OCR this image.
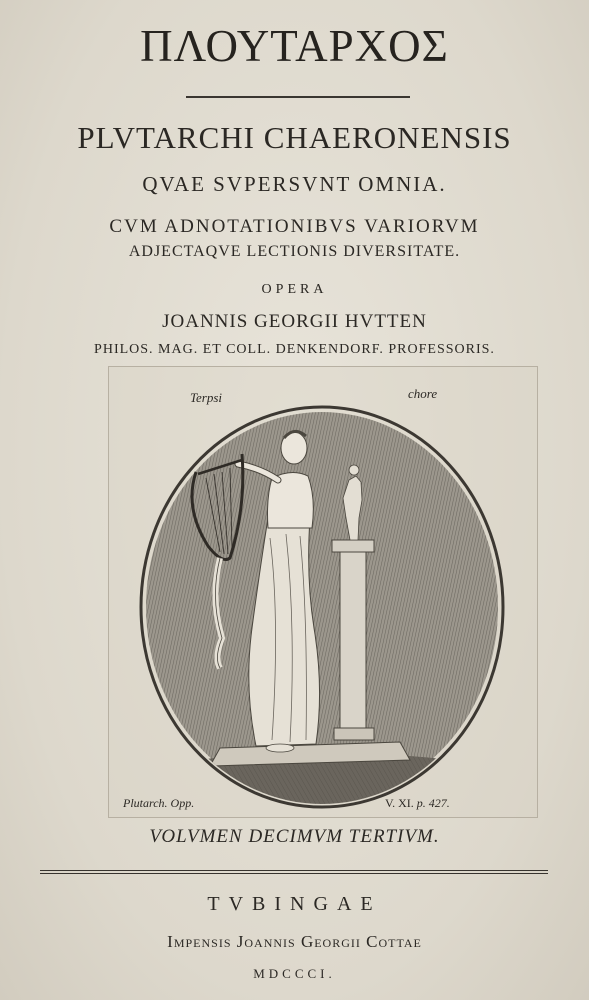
ΠΛΟΥΤΑΡΧΟΣ
PLVTARCHI CHAERONENSIS
QVAE SVPERSVNT OMNIA.
CVM ADNOTATIONIBVS VARIORVM
ADJECTAQVE LECTIONIS DIVERSITATE.
OPERA
JOANNIS GEORGII HVTTEN
PHILOS. MAG. ET COLL. DENKENDORF. PROFESSORIS.
Terpsi	chore
Plutarch. Opp.	V. XI. p. 427.
VOLVMEN DECIMVM TERTIVM.
TVBINGAE
Impensis Joannis Georgii Cottae
MDCCCI.
